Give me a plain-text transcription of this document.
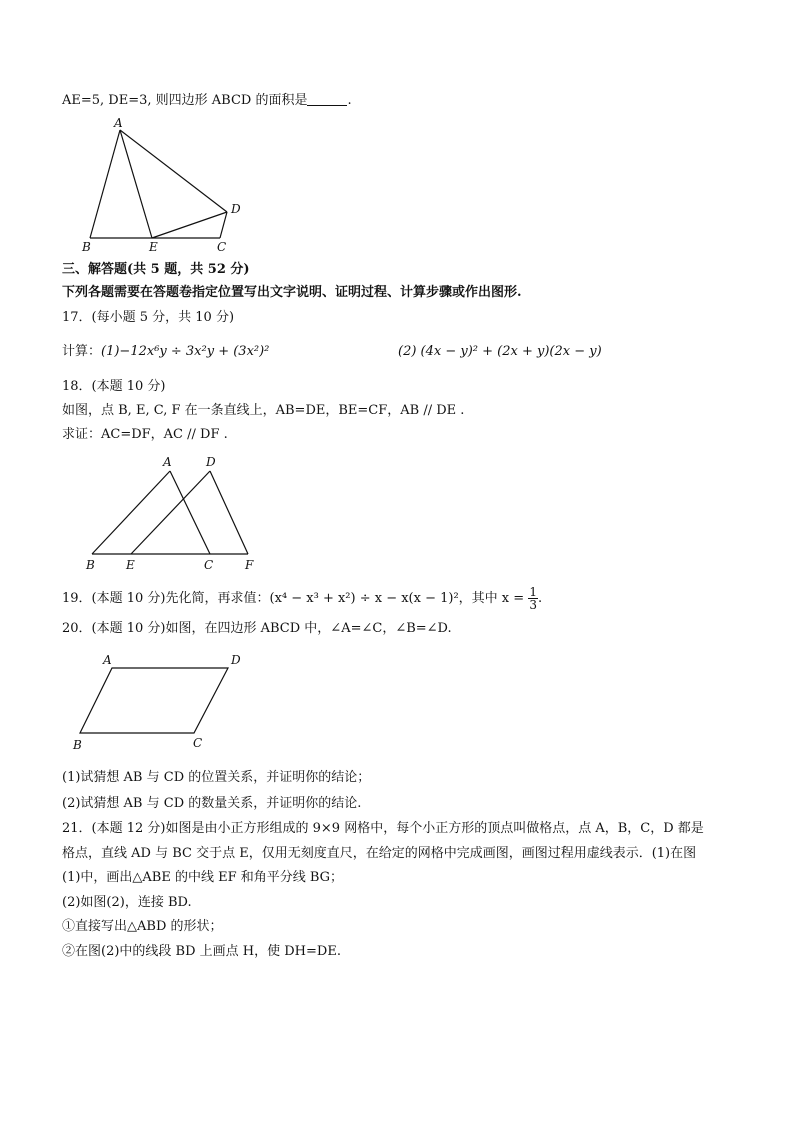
AE=5, DE=3, 则四边形 ABCD 的面积是	.
A
B	E	C
D
三、解答题(共 5 题，共 52 分)
下列各题需要在答题卷指定位置写出文字说明、证明过程、计算步骤或作出图形.
17．(每小题 5 分，共 10 分)
计算：(1)−12x⁶y ÷ 3x²y + (3x²)²	(2) (4x − y)² + (2x + y)(2x − y)
18．(本题 10 分)
如图，点 B, E, C, F 在一条直线上，AB=DE，BE=CF，AB // DE .
求证：AC=DF，AC // DF .
A	D
B	E	C	F
19．(本题 10 分)先化简，再求值：(x⁴ − x³ + x²) ÷ x − x(x − 1)²，其中 $x = \frac{1}{3}$ .
20．(本题 10 分)如图，在四边形 ABCD 中，∠A=∠C，∠B=∠D.
A	D
B	C
(1)试猜想 AB 与 CD 的位置关系，并证明你的结论；
(2)试猜想 AB 与 CD 的数量关系，并证明你的结论.
21．(本题 12 分)如图是由小正方形组成的 9×9 网格中，每个小正方形的顶点叫做格点，点 A，B，C，D 都是
格点，直线 AD 与 BC 交于点 E，仅用无刻度直尺，在给定的网格中完成画图，画图过程用虚线表示．(1)在图
(1)中，画出△ABE 的中线 EF 和角平分线 BG；
(2)如图(2)，连接 BD.
①直接写出△ABD 的形状；
②在图(2)中的线段 BD 上画点 H，使 DH=DE.
